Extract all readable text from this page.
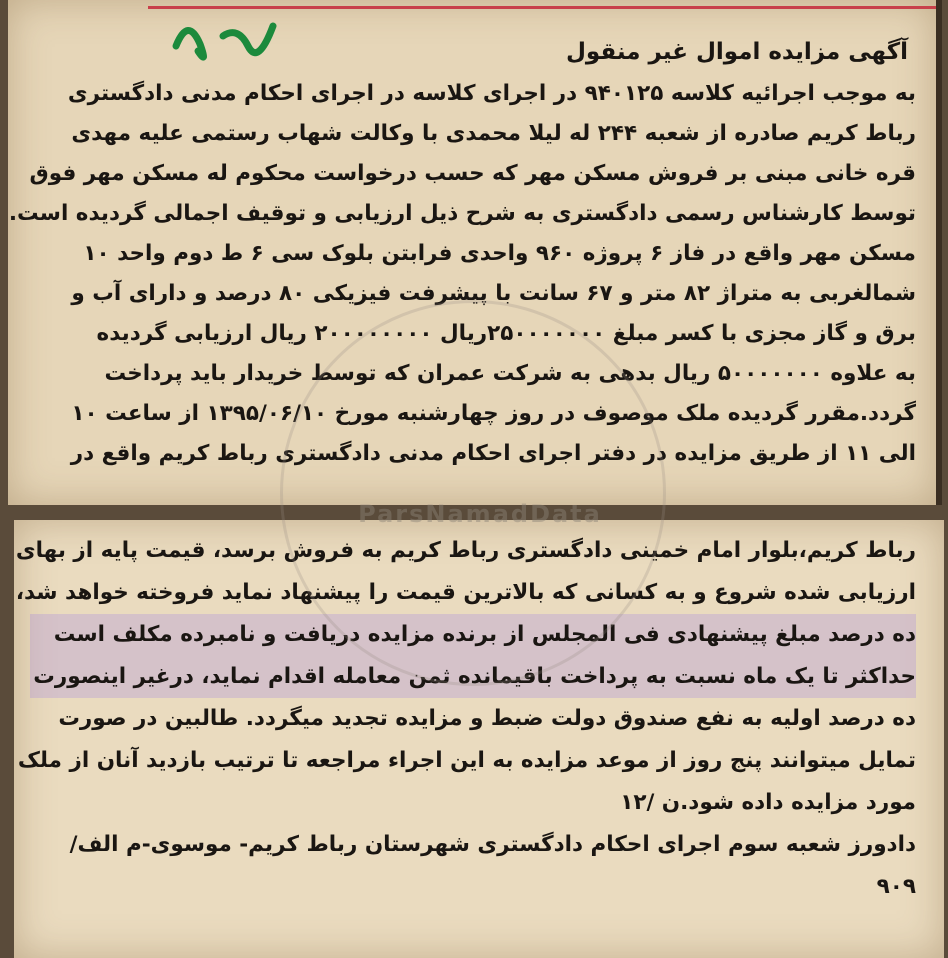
آگهی مزایده اموال غیر منقول

به موجب اجرائیه کلاسه ۹۴۰۱۲۵ در اجرای کلاسه در اجرای احکام مدنی دادگستری

رباط کریم صادره از شعبه ۲۴۴ له لیلا محمدی با وکالت شهاب رستمی علیه مهدی

قره خانی مبنی بر فروش مسکن مهر که حسب درخواست محکوم له مسکن مهر فوق

توسط کارشناس رسمی دادگستری به شرح ذیل ارزیابی و توقیف اجمالی گردیده است.

مسکن مهر واقع در فاز ۶ پروژه ۹۶۰ واحدی فرابتن بلوک سی ۶ ط دوم واحد ۱۰

شمالغربی به متراژ ۸۲ متر و ۶۷ سانت با پیشرفت فیزیکی ۸۰ درصد و دارای آب و

برق و گاز مجزی با کسر مبلغ ۲۵۰۰۰۰۰۰۰ریال ۲۰۰۰۰۰۰۰۰ ریال ارزیابی گردیده

به علاوه ۵۰۰۰۰۰۰۰ ریال بدهی به شرکت عمران که توسط خریدار باید پرداخت

گردد.مقرر گردیده ملک موصوف در روز چهارشنبه مورخ ۱۳۹۵/۰۶/۱۰ از ساعت ۱۰

الی ۱۱ از طریق مزایده در دفتر اجرای احکام مدنی دادگستری رباط کریم واقع در

رباط کریم،بلوار امام خمینی دادگستری رباط کریم به فروش برسد، قیمت پایه از بهای

ارزیابی شده شروع و به کسانی که بالاترین قیمت را پیشنهاد نماید فروخته خواهد شد،

ده درصد مبلغ پیشنهادی فی المجلس از برنده مزایده دریافت و نامبرده مکلف است

حداکثر تا یک ماه نسبت به پرداخت باقیمانده ثمن معامله اقدام نماید، درغیر اینصورت

ده درصد اولیه به نفع صندوق دولت ضبط و مزایده تجدید میگردد. طالبین در صورت

تمایل میتوانند پنج روز از موعد مزایده به این اجراء مراجعه تا ترتیب بازدید آنان از ملک

مورد مزایده داده شود.ن /۱۲

دادورز شعبه سوم اجرای احکام دادگستری شهرستان رباط کریم- موسوی-م الف/

۹۰۹

ParsNamadData
